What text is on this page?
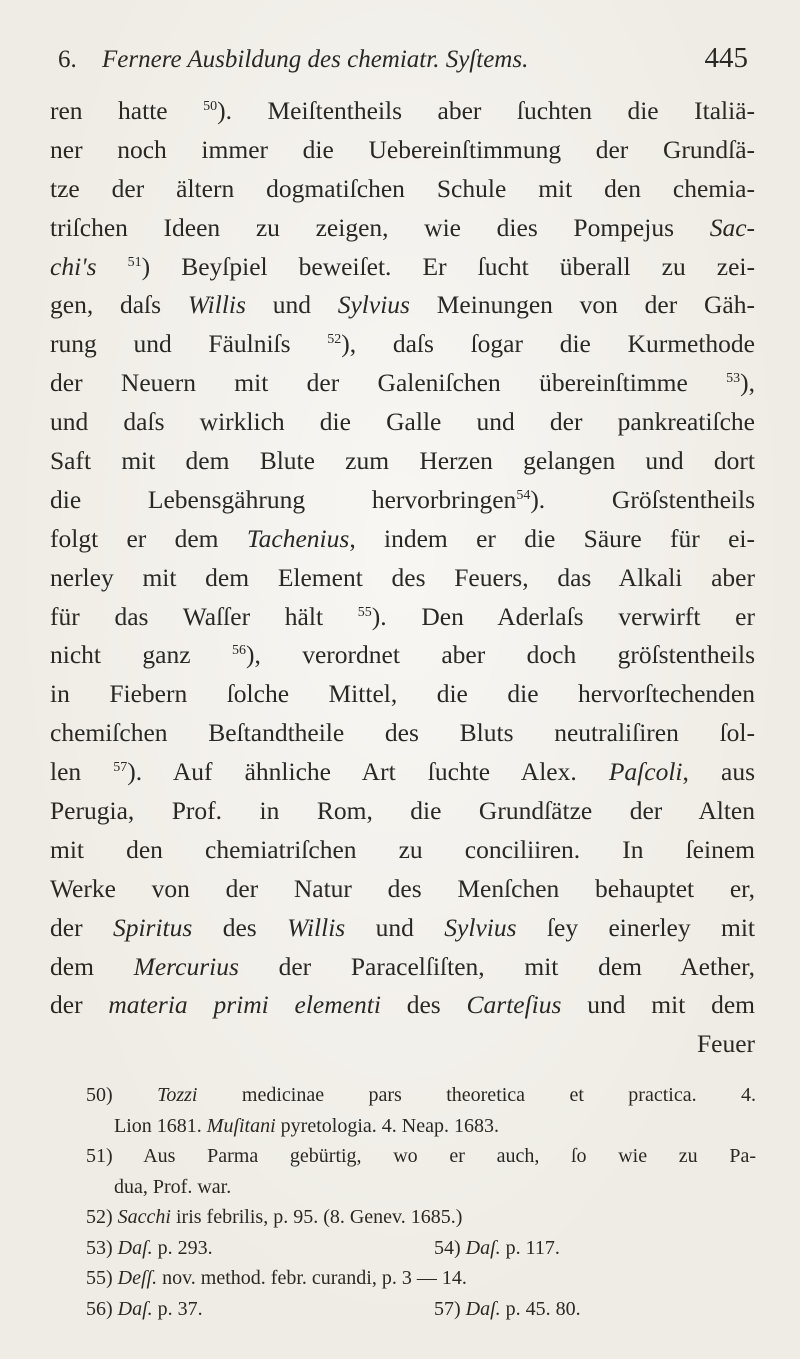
6. Fernere Ausbildung des chemiatr. Syſtems.	445
ren hatte $^{50}$). Meiſtentheils aber ſuchten die Italiä-
ner noch immer die Uebereinſtimmung der Grundſä-
tze der ältern dogmatiſchen Schule mit den chemia-
triſchen Ideen zu zeigen, wie dies Pompejus Sac-
chi's $^{51}$) Beyſpiel beweiſet. Er ſucht überall zu zei-
gen, daſs Willis und Sylvius Meinungen von der Gäh-
rung und Fäulniſs $^{52}$), daſs ſogar die Kurmethode
der Neuern mit der Galeniſchen übereinſtimme $^{53}$),
und daſs wirklich die Galle und der pankreatiſche
Saft mit dem Blute zum Herzen gelangen und dort
die Lebensgährung hervorbringen$^{54}$). Gröſstentheils
folgt er dem Tachenius, indem er die Säure für ei-
nerley mit dem Element des Feuers, das Alkali aber
für das Waſſer hält $^{55}$). Den Aderlaſs verwirft er
nicht ganz $^{56}$), verordnet aber doch gröſstentheils
in Fiebern ſolche Mittel, die die hervorſtechenden
chemiſchen Beſtandtheile des Bluts neutraliſiren ſol-
len $^{57}$). Auf ähnliche Art ſuchte Alex. Paſcoli, aus
Perugia, Prof. in Rom, die Grundſätze der Alten
mit den chemiatriſchen zu conciliiren. In ſeinem
Werke von der Natur des Menſchen behauptet er,
der Spiritus des Willis und Sylvius ſey einerley mit
dem Mercurius der Paracelſiſten, mit dem Aether,
der materia primi elementi des Carteſius und mit dem
Feuer
50) Tozzi medicinae pars theoretica et practica. 4.
Lion 1681. Muſitani pyretologia. 4. Neap. 1683.
51) Aus Parma gebürtig, wo er auch, ſo wie zu Pa-
dua, Prof. war.
52) Sacchi iris febrilis, p. 95. (8. Genev. 1685.)
53) Daſ. p. 293.	54) Daſ. p. 117.
55) Deſſ. nov. method. febr. curandi, p. 3 — 14.
56) Daſ. p. 37.	57) Daſ. p. 45. 80.
